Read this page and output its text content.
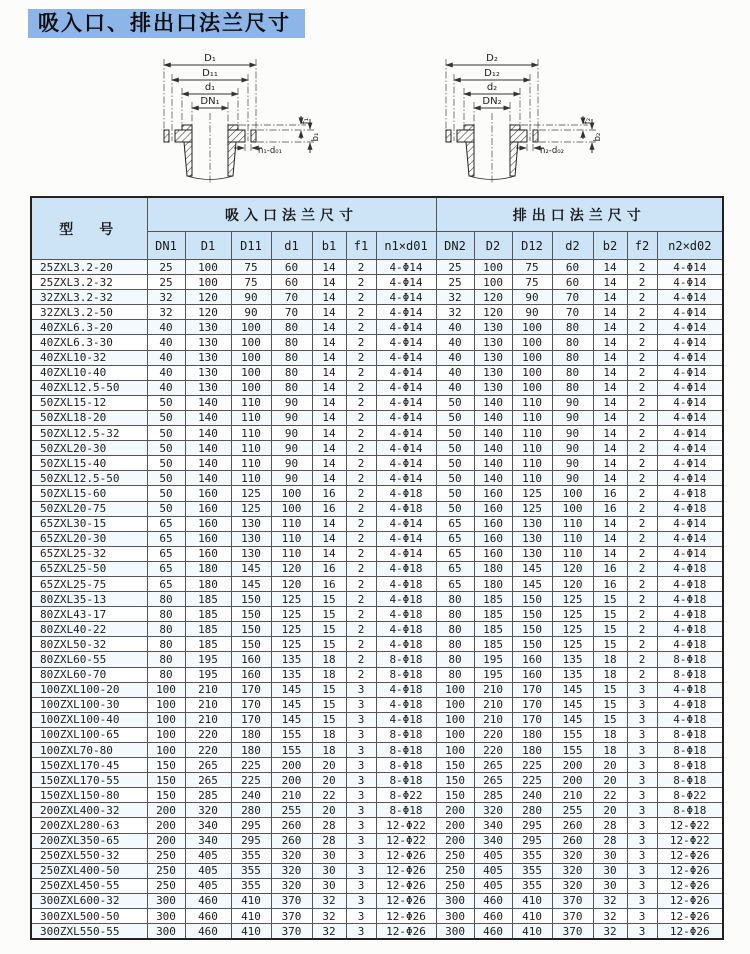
吸入口、排出口法兰尺寸
D₁
D₁₁
d₁
DN₁
f₁
b₁
n₁-d₀₁
D₂
D₁₂
d₂
DN₂
f₂
b₂
n₂-d₀₂
型　号	吸入口法兰尺寸							排出口法兰尺寸						
	DN1	D1	D11	d1	b1	f1	n1×d01	DN2	D2	D12	d2	b2	f2	n2×d02
25ZXL3.2-20	25	100	75	60	14	2	4-Φ14	25	100	75	60	14	2	4-Φ14
25ZXL3.2-32	25	100	75	60	14	2	4-Φ14	25	100	75	60	14	2	4-Φ14
32ZXL3.2-32	32	120	90	70	14	2	4-Φ14	32	120	90	70	14	2	4-Φ14
32ZXL3.2-50	32	120	90	70	14	2	4-Φ14	32	120	90	70	14	2	4-Φ14
40ZXL6.3-20	40	130	100	80	14	2	4-Φ14	40	130	100	80	14	2	4-Φ14
40ZXL6.3-30	40	130	100	80	14	2	4-Φ14	40	130	100	80	14	2	4-Φ14
40ZXL10-32	40	130	100	80	14	2	4-Φ14	40	130	100	80	14	2	4-Φ14
40ZXL10-40	40	130	100	80	14	2	4-Φ14	40	130	100	80	14	2	4-Φ14
40ZXL12.5-50	40	130	100	80	14	2	4-Φ14	40	130	100	80	14	2	4-Φ14
50ZXL15-12	50	140	110	90	14	2	4-Φ14	50	140	110	90	14	2	4-Φ14
50ZXL18-20	50	140	110	90	14	2	4-Φ14	50	140	110	90	14	2	4-Φ14
50ZXL12.5-32	50	140	110	90	14	2	4-Φ14	50	140	110	90	14	2	4-Φ14
50ZXL20-30	50	140	110	90	14	2	4-Φ14	50	140	110	90	14	2	4-Φ14
50ZXL15-40	50	140	110	90	14	2	4-Φ14	50	140	110	90	14	2	4-Φ14
50ZXL12.5-50	50	140	110	90	14	2	4-Φ14	50	140	110	90	14	2	4-Φ14
50ZXL15-60	50	160	125	100	16	2	4-Φ18	50	160	125	100	16	2	4-Φ18
50ZXL20-75	50	160	125	100	16	2	4-Φ18	50	160	125	100	16	2	4-Φ18
65ZXL30-15	65	160	130	110	14	2	4-Φ14	65	160	130	110	14	2	4-Φ14
65ZXL20-30	65	160	130	110	14	2	4-Φ14	65	160	130	110	14	2	4-Φ14
65ZXL25-32	65	160	130	110	14	2	4-Φ14	65	160	130	110	14	2	4-Φ14
65ZXL25-50	65	180	145	120	16	2	4-Φ18	65	180	145	120	16	2	4-Φ18
65ZXL25-75	65	180	145	120	16	2	4-Φ18	65	180	145	120	16	2	4-Φ18
80ZXL35-13	80	185	150	125	15	2	4-Φ18	80	185	150	125	15	2	4-Φ18
80ZXL43-17	80	185	150	125	15	2	4-Φ18	80	185	150	125	15	2	4-Φ18
80ZXL40-22	80	185	150	125	15	2	4-Φ18	80	185	150	125	15	2	4-Φ18
80ZXL50-32	80	185	150	125	15	2	4-Φ18	80	185	150	125	15	2	4-Φ18
80ZXL60-55	80	195	160	135	18	2	8-Φ18	80	195	160	135	18	2	8-Φ18
80ZXL60-70	80	195	160	135	18	2	8-Φ18	80	195	160	135	18	2	8-Φ18
100ZXL100-20	100	210	170	145	15	3	4-Φ18	100	210	170	145	15	3	4-Φ18
100ZXL100-30	100	210	170	145	15	3	4-Φ18	100	210	170	145	15	3	4-Φ18
100ZXL100-40	100	210	170	145	15	3	4-Φ18	100	210	170	145	15	3	4-Φ18
100ZXL100-65	100	220	180	155	18	3	8-Φ18	100	220	180	155	18	3	8-Φ18
100ZXL70-80	100	220	180	155	18	3	8-Φ18	100	220	180	155	18	3	8-Φ18
150ZXL170-45	150	265	225	200	20	3	8-Φ18	150	265	225	200	20	3	8-Φ18
150ZXL170-55	150	265	225	200	20	3	8-Φ18	150	265	225	200	20	3	8-Φ18
150ZXL150-80	150	285	240	210	22	3	8-Φ22	150	285	240	210	22	3	8-Φ22
200ZXL400-32	200	320	280	255	20	3	8-Φ18	200	320	280	255	20	3	8-Φ18
200ZXL280-63	200	340	295	260	28	3	12-Φ22	200	340	295	260	28	3	12-Φ22
200ZXL350-65	200	340	295	260	28	3	12-Φ22	200	340	295	260	28	3	12-Φ22
250ZXL550-32	250	405	355	320	30	3	12-Φ26	250	405	355	320	30	3	12-Φ26
250ZXL400-50	250	405	355	320	30	3	12-Φ26	250	405	355	320	30	3	12-Φ26
250ZXL450-55	250	405	355	320	30	3	12-Φ26	250	405	355	320	30	3	12-Φ26
300ZXL600-32	300	460	410	370	32	3	12-Φ26	300	460	410	370	32	3	12-Φ26
300ZXL500-50	300	460	410	370	32	3	12-Φ26	300	460	410	370	32	3	12-Φ26
300ZXL550-55	300	460	410	370	32	3	12-Φ26	300	460	410	370	32	3	12-Φ26
